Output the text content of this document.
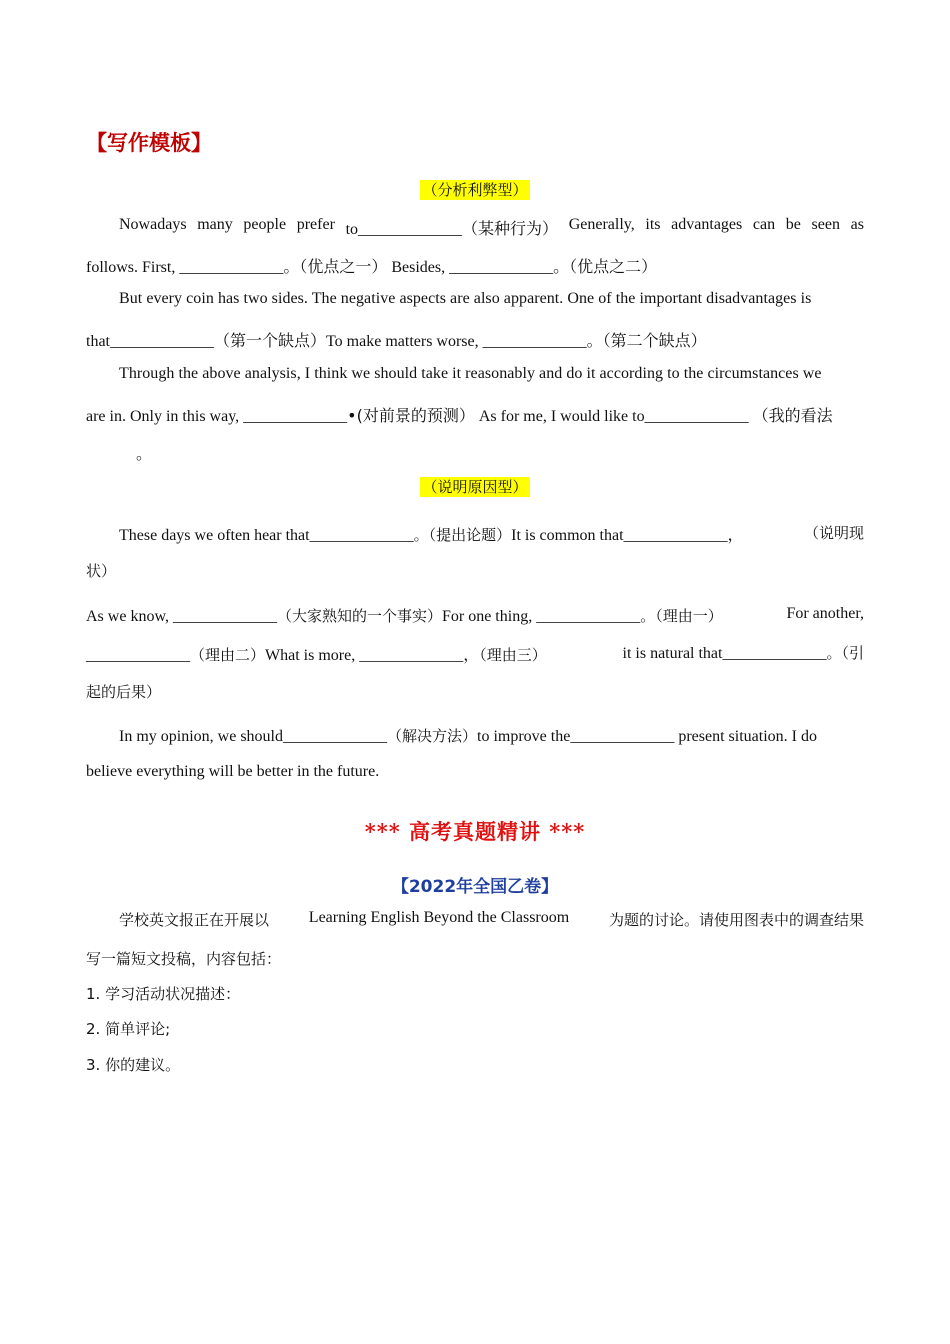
【写作模板】
（分析利弊型）
Nowadays many people prefer to_____________（某种行为） Generally, its advantages can be seen as
follows. First, _____________。（优点之一） Besides, _____________。（优点之二）
But every coin has two sides. The negative aspects are also apparent. One of the important disadvantages is
that_____________（第一个缺点）To make matters worse, _____________。（第二个缺点）
Through the above analysis, I think we should take it reasonably and do it according to the circumstances we
are in. Only in this way, _____________•(对前景的预测） As for me, I would like to_____________ （我的看法
。
（说明原因型）
These days we often hear that_____________。（提出论题）It is common that_____________，	（说明现
状）
As we know, _____________（大家熟知的一个事实）For one thing, _____________。（理由一）	For another,
_____________（理由二）What is more, _____________，（理由三）	it is natural that_____________。（引
起的后果）
In my opinion, we should_____________（解决方法）to improve the_____________ present situation. I do
believe everything will be better in the future.
*** 高考真题精讲 ***
【2022年全国乙卷】
学校英文报正在开展以 Learning English Beyond the Classroom	为题的讨论。请使用图表中的调查结果
写一篇短文投稿，内容包括：
1. 学习活动状况描述：
2. 简单评论;
3. 你的建议。
